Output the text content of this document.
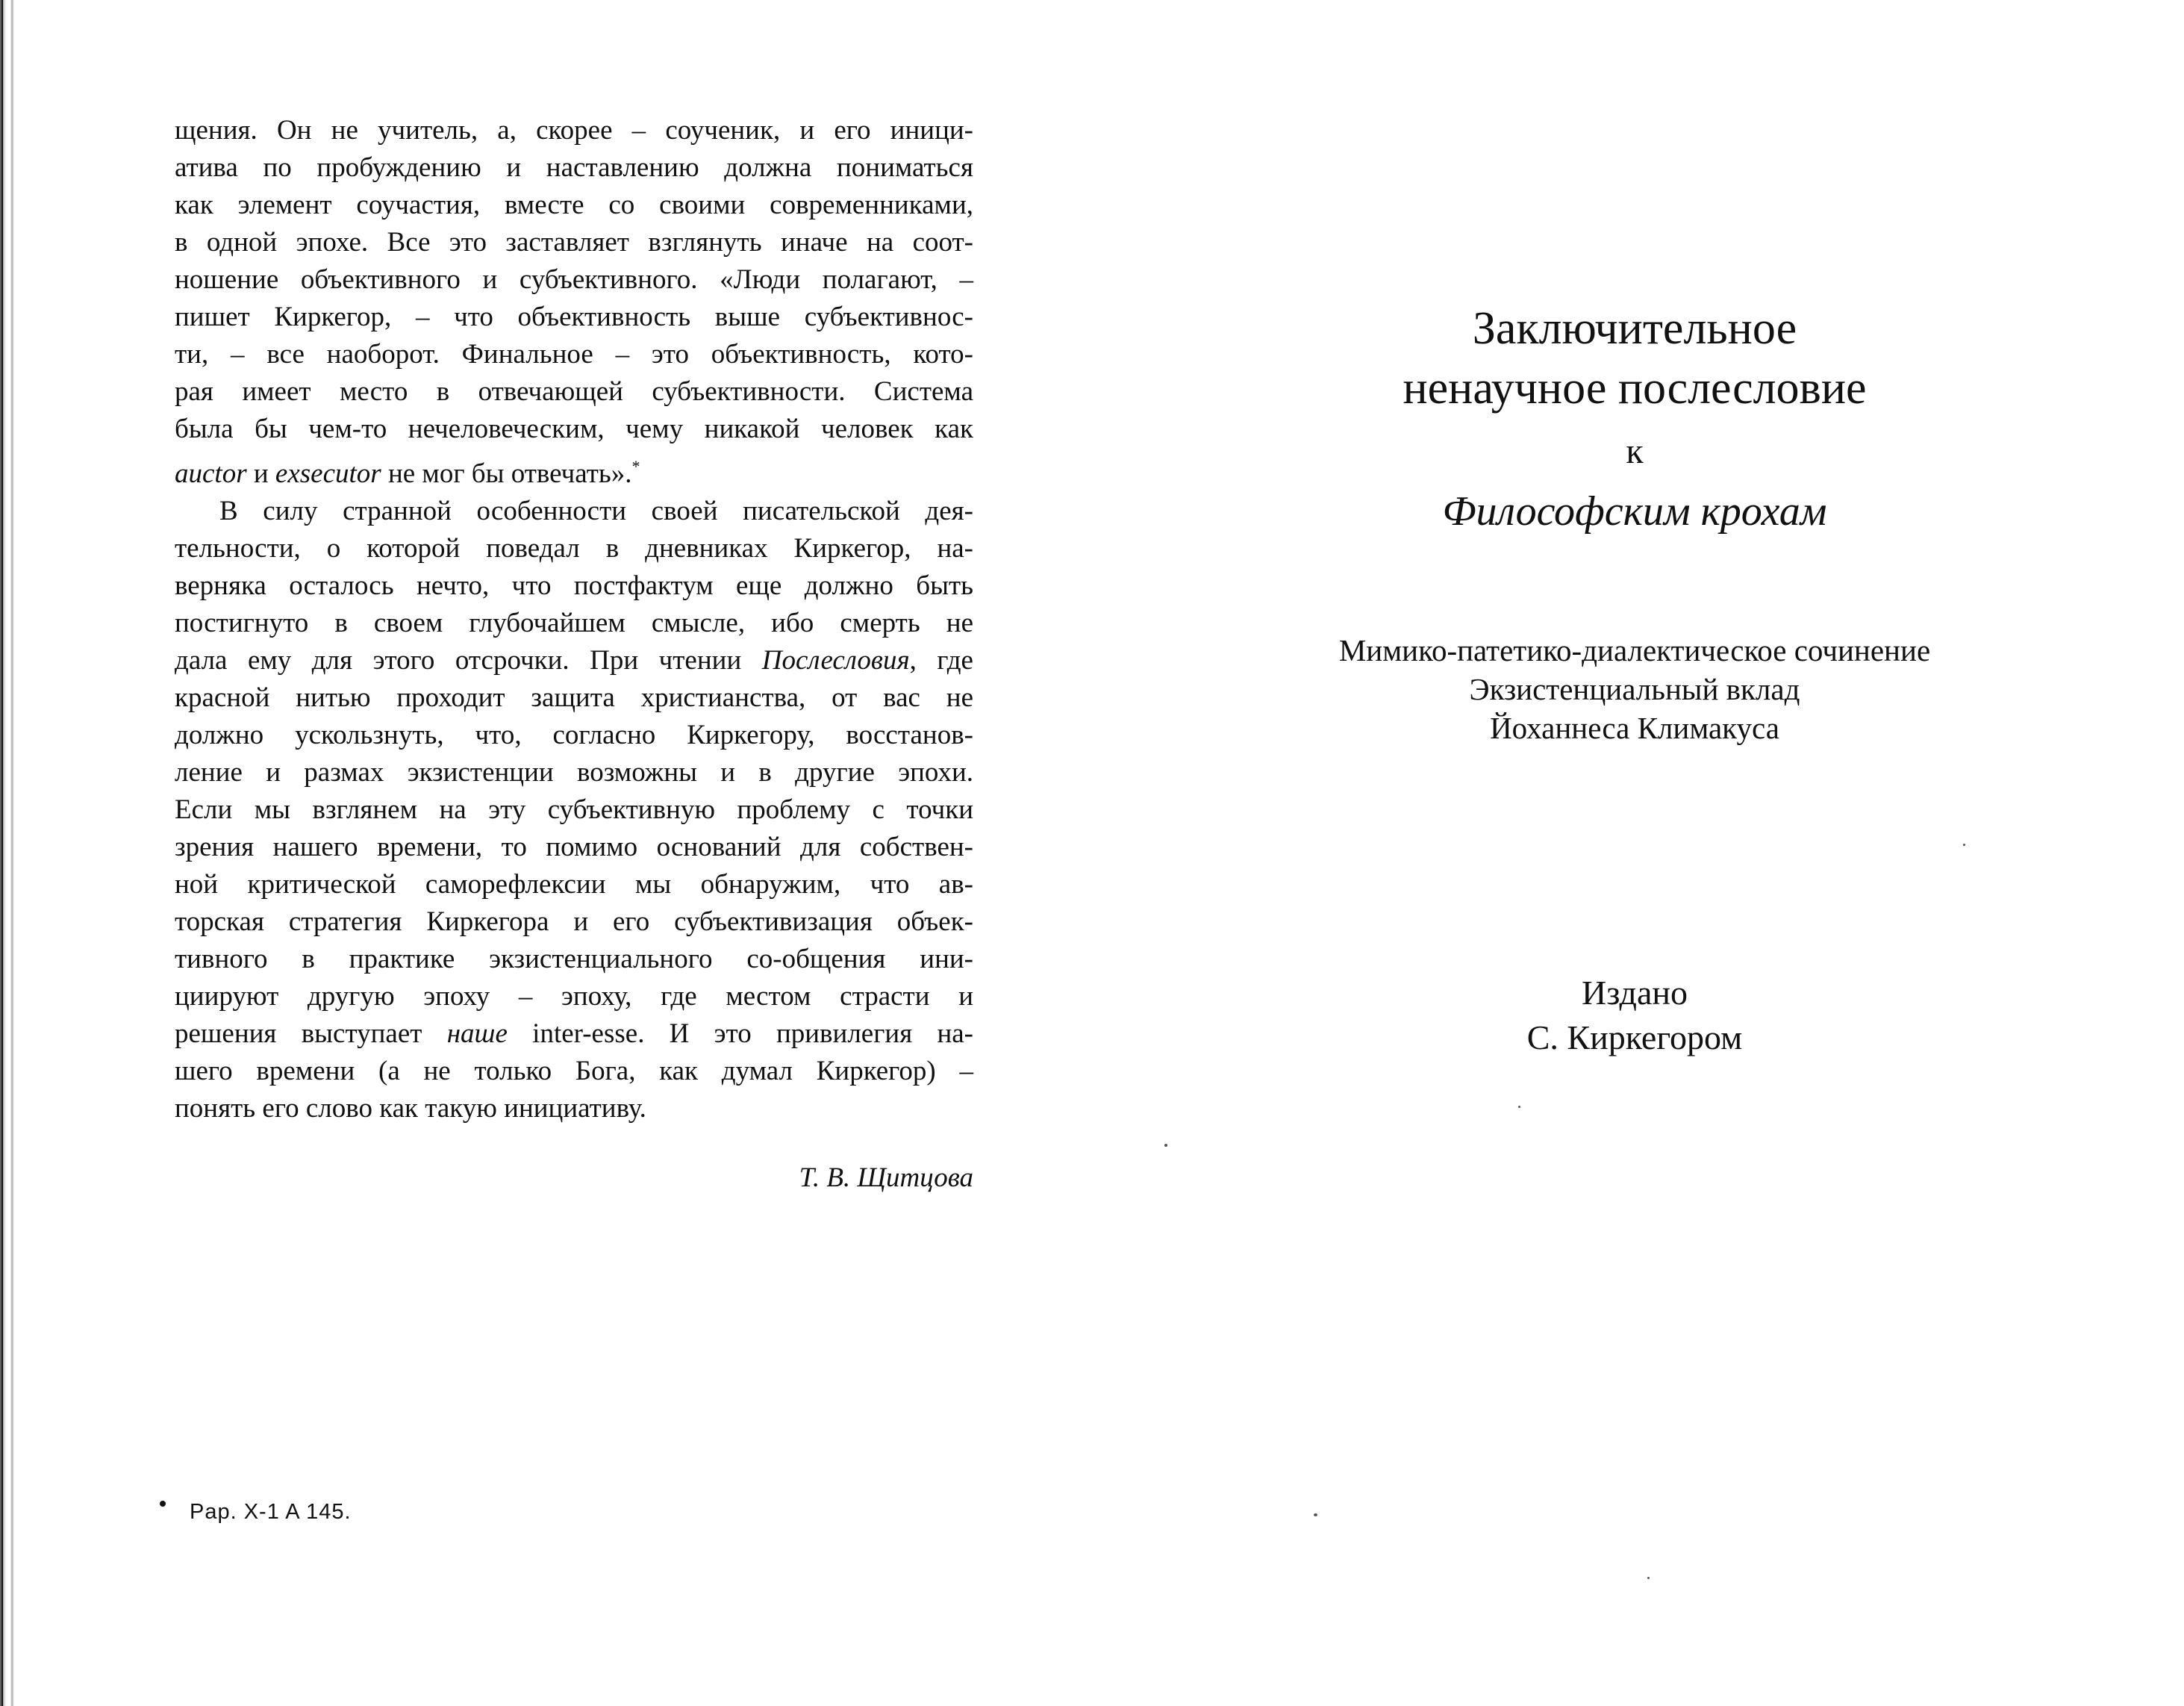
щения. Он не учитель, а, скорее – соученик, и его иници-
атива по пробуждению и наставлению должна пониматься
как элемент соучастия, вместе со своими современниками,
в одной эпохе. Все это заставляет взглянуть иначе на соот-
ношение объективного и субъективного. «Люди полагают, –
пишет Киркегор, – что объективность выше субъективнос-
ти, – все наоборот. Финальное – это объективность, кото-
рая имеет место в отвечающей субъективности. Система
была бы чем-то нечеловеческим, чему никакой человек как
auctor и exsecutor не мог бы отвечать».*
В силу странной особенности своей писательской дея-
тельности, о которой поведал в дневниках Киркегор, на-
верняка осталось нечто, что постфактум еще должно быть
постигнуто в своем глубочайшем смысле, ибо смерть не
дала ему для этого отсрочки. При чтении Послесловия, где
красной нитью проходит защита христианства, от вас не
должно ускользнуть, что, согласно Киркегору, восстанов-
ление и размах экзистенции возможны и в другие эпохи.
Если мы взглянем на эту субъективную проблему с точки
зрения нашего времени, то помимо оснований для собствен-
ной критической саморефлексии мы обнаружим, что ав-
торская стратегия Киркегора и его субъективизация объек-
тивного в практике экзистенциального со-общения ини-
циируют другую эпоху – эпоху, где местом страсти и
решения выступает наше inter-esse. И это привилегия на-
шего времени (а не только Бога, как думал Киркегор) –
понять его слово как такую инициативу.
Т. В. Щитцова
Pap. X-1 A 145.
Заключительное
ненаучное послесловие
к
Философским крохам
Мимико-патетико-диалектическое сочинение
Экзистенциальный вклад
Йоханнеса Климакуса
Издано
С. Киркегором
